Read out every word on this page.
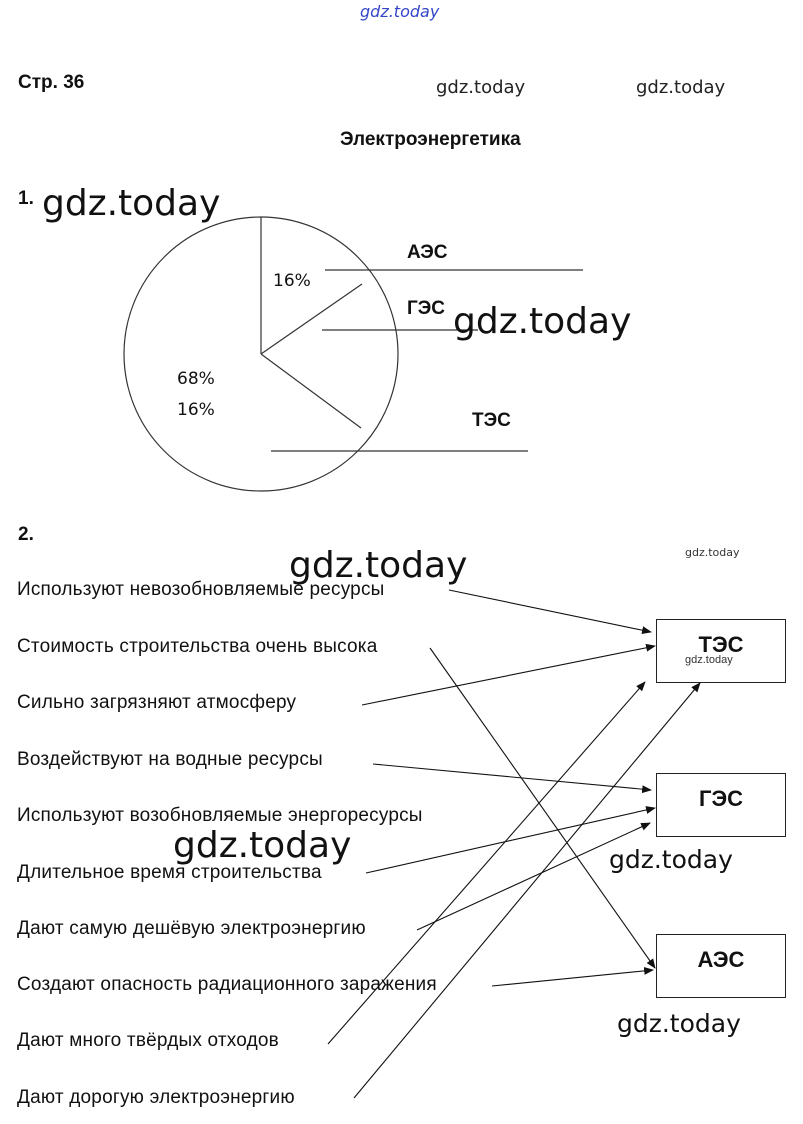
gdz.today
gdz.today	gdz.today
Стр. 36
Электроэнергетика
1. gdz.today
16%
68%
16%
АЭС
ГЭС
ТЭС
gdz.today
2.
gdz.today	gdz.today
Используют невозобновляемые ресурсы
Стоимость строительства очень высока
Сильно загрязняют атмосферу
Воздействуют на водные ресурсы
Используют возобновляемые энергоресурсы
Длительное время строительства
Дают самую дешёвую электроэнергию
Создают опасность радиационного заражения
Дают много твёрдых отходов
Дают дорогую электроэнергию
gdz.today
ТЭС
gdz.today
ГЭС
АЭС
gdz.today
gdz.today
